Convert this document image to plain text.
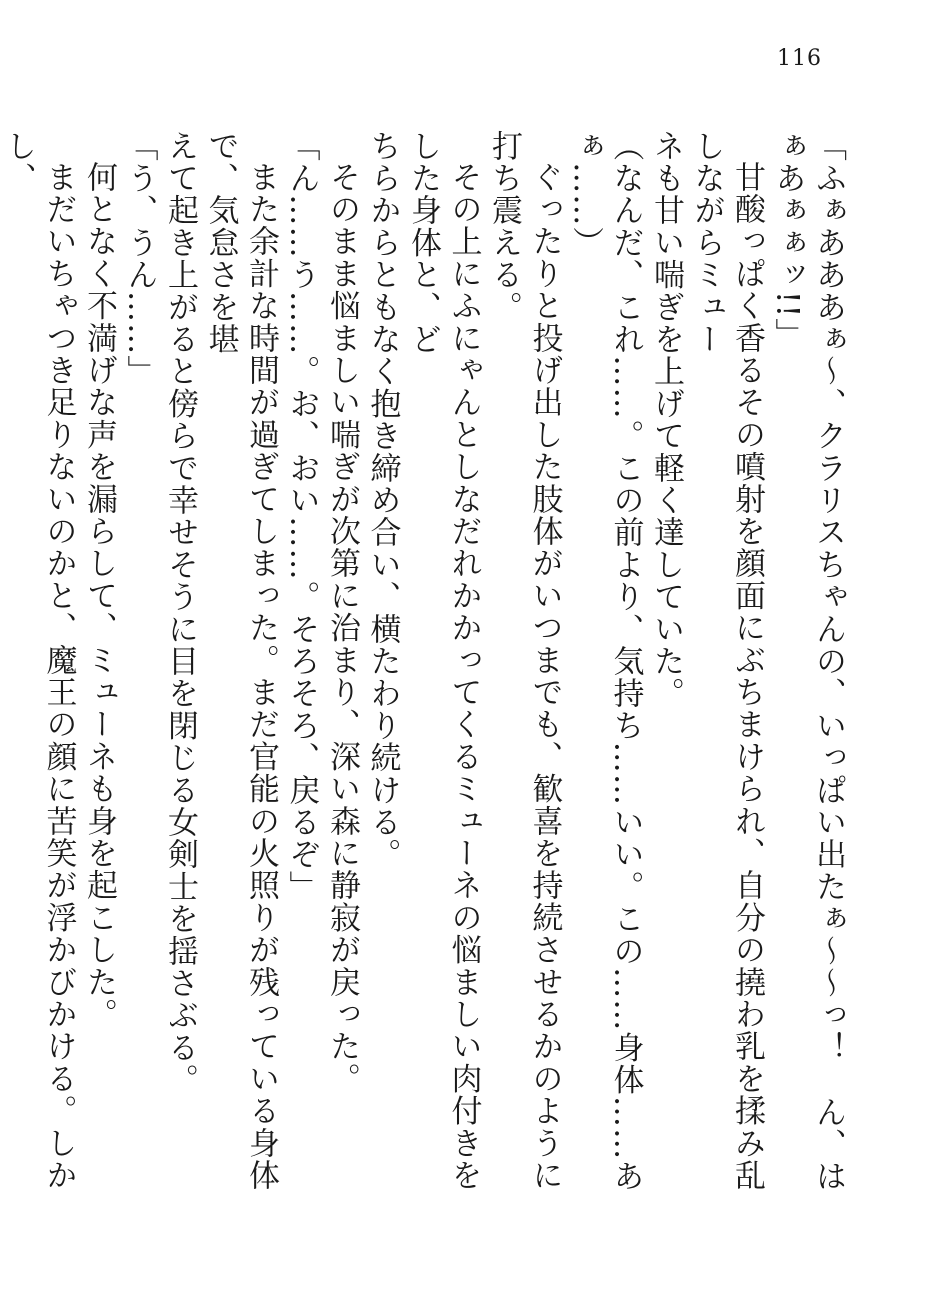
116

「ふぁあああぁ～、クラリスちゃんの、いっぱい出たぁ～～っ！　ん、はぁあぁぁッ!!」

甘酸っぱく香るその噴射を顔面にぶちまけられ、自分の撓わ乳を揉み乱しながらミュー

ネも甘い喘ぎを上げて軽く達していた。

（なんだ、これ……。この前より、気持ち……いい。この……身体……あぁ……）

ぐったりと投げ出した肢体がいつまでも、歓喜を持続させるかのように打ち震える。

その上にふにゃんとしなだれかかってくるミューネの悩ましい肉付きをした身体と、ど

ちらからともなく抱き締め合い、横たわり続ける。

そのまま悩ましい喘ぎが次第に治まり、深い森に静寂が戻った。

「ん……う……。お、おい……。そろそろ、戻るぞ」

また余計な時間が過ぎてしまった。まだ官能の火照りが残っている身体で、気怠さを堪

えて起き上がると傍らで幸せそうに目を閉じる女剣士を揺さぶる。

「う、うん……」

何となく不満げな声を漏らして、ミューネも身を起こした。

まだいちゃつき足りないのかと、魔王の顔に苦笑が浮かびかける。しかし、
